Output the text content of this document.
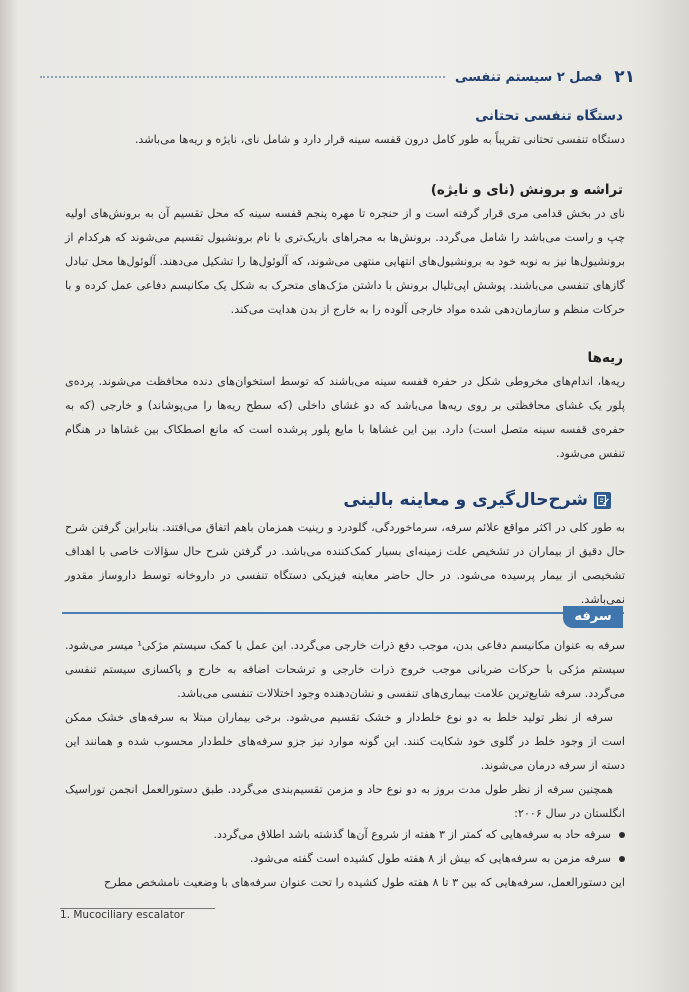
۲۱
فصل ۲ سیستم تنفسی
دستگاه تنفسی تحتانی
دستگاه تنفسی تحتانی تقریباً به طور کامل درون قفسه سینه قرار دارد و شامل نای، نایژه و ریه‌ها می‌باشد.
تراشه و برونش (نای و نایژه)
نای در بخش قدامی مری قرار گرفته است و از حنجره تا مهره پنجم قفسه سینه که محل تقسیم آن به برونش‌های اولیه چپ و راست می‌باشد را شامل می‌گردد. برونش‌ها به مجراهای باریک‌تری با نام برونشیول تقسیم می‌شوند که هرکدام از برونشیول‌ها نیز به نوبه خود به برونشیول‌های انتهایی منتهی می‌شوند، که آلوئول‌ها را تشکیل می‌دهند. آلوئول‌ها محل تبادل گازهای تنفسی می‌باشند. پوشش اپی‌تلیال برونش با داشتن مژک‌های متحرک به شکل یک مکانیسم دفاعی عمل کرده و با حرکات منظم و سازمان‌دهی شده مواد خارجی آلوده را به خارج از بدن هدایت می‌کند.
ریه‌ها
ریه‌ها، اندام‌های مخروطی شکل در حفره قفسه سینه می‌باشند که توسط استخوان‌های دنده محافظت می‌شوند. پرده‌ی پلور یک غشای محافظتی بر روی ریه‌ها می‌باشد که دو غشای داخلی (که سطح ریه‌ها را می‌پوشاند) و خارجی (که به حفره‌ی قفسه سینه متصل است) دارد. بین این غشاها با مایع پلور پرشده است که مانع اصطکاک بین غشاها در هنگام تنفس می‌شود.
شرح‌حال‌گیری و معاینه بالینی
به طور کلی در اکثر مواقع علائم سرفه، سرماخوردگی، گلودرد و رینیت همزمان باهم اتفاق می‌افتند. بنابراین گرفتن شرح حال دقیق از بیماران در تشخیص علت زمینه‌ای بسیار کمک‌کننده می‌باشد. در گرفتن شرح حال سؤالات خاصی با اهداف تشخیصی از بیمار پرسیده می‌شود. در حال حاضر معاینه فیزیکی دستگاه تنفسی در داروخانه توسط داروساز مقدور نمی‌باشد.
سرفه
سرفه به عنوان مکانیسم دفاعی بدن، موجب دفع ذرات خارجی می‌گردد. این عمل با کمک سیستم مژکی¹ میسر می‌شود. سیستم مژکی با حرکات ضربانی موجب خروج ذرات خارجی و ترشحات اضافه به خارج و پاکسازی سیستم تنفسی می‌گردد. سرفه شایع‌ترین علامت بیماری‌های تنفسی و نشان‌دهنده وجود اختلالات تنفسی می‌باشد.
سرفه از نظر تولید خلط به دو نوع خلط‌دار و خشک تقسیم می‌شود. برخی بیماران مبتلا به سرفه‌های خشک ممکن است از وجود خلط در گلوی خود شکایت کنند. این گونه موارد نیز جزو سرفه‌های خلط‌دار محسوب شده و همانند این دسته از سرفه درمان می‌شوند.
همچنین سرفه از نظر طول مدت بروز به دو نوع حاد و مزمن تقسیم‌بندی می‌گردد. طبق دستورالعمل انجمن توراسیک انگلستان در سال ۲۰۰۶:
سرفه حاد به سرفه‌هایی که کمتر از ۳ هفته از شروع آن‌ها گذشته باشد اطلاق می‌گردد.
سرفه مزمن به سرفه‌هایی که بیش از ۸ هفته طول کشیده است گفته می‌شود.
این دستورالعمل، سرفه‌هایی که بین ۳ تا ۸ هفته طول کشیده را تحت عنوان سرفه‌های با وضعیت نامشخص مطرح
1. Mucociliary escalator
